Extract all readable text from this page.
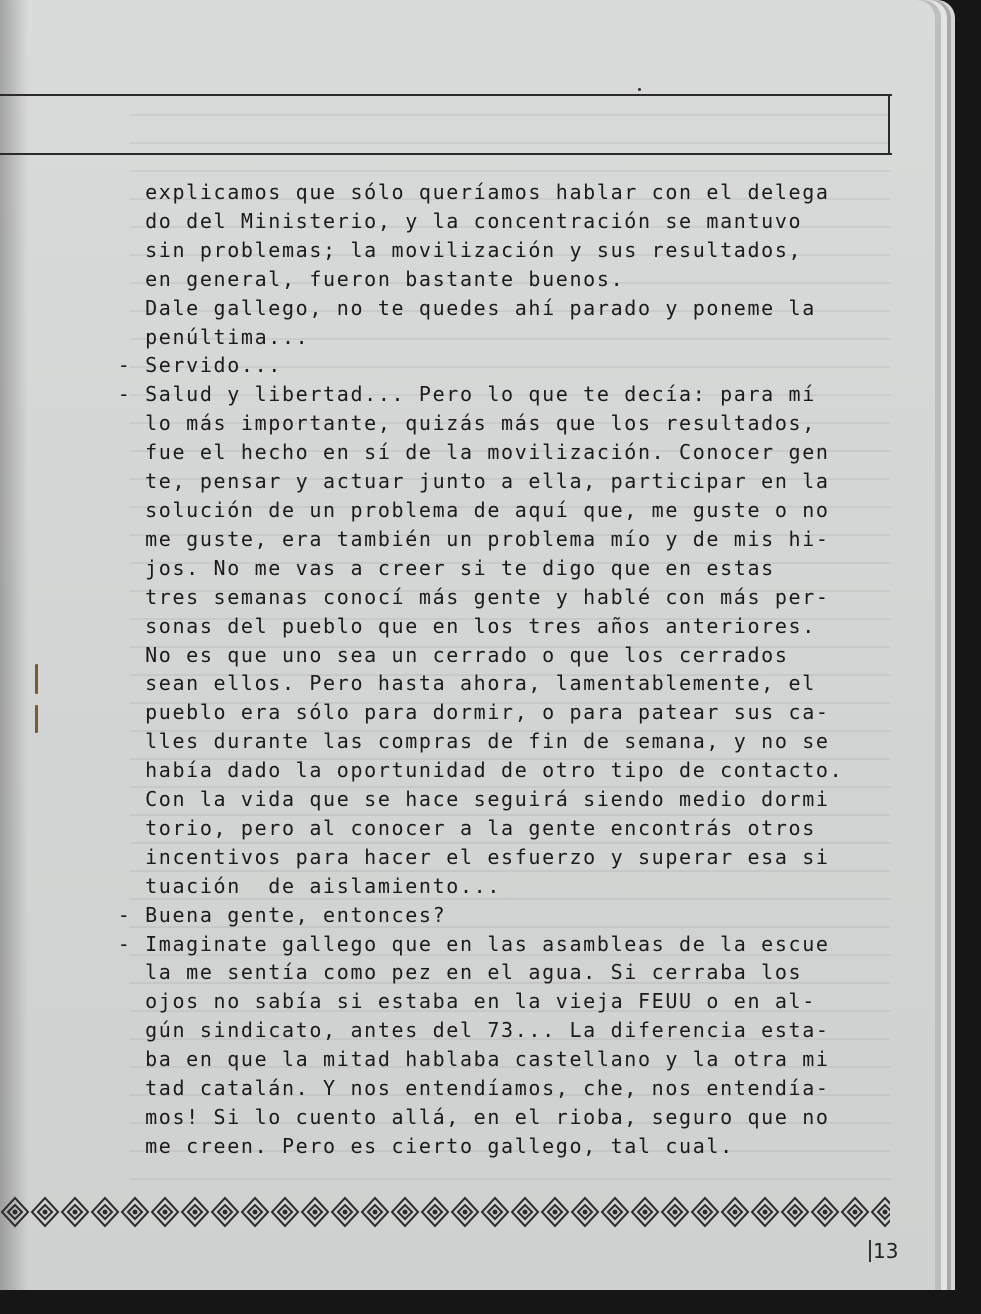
explicamos que sólo queríamos hablar con el delega
do del Ministerio, y la concentración se mantuvo
sin problemas; la movilización y sus resultados,
en general, fueron bastante buenos.
Dale gallego, no te quedes ahí parado y poneme la
penúltima...
- Servido...
- Salud y libertad... Pero lo que te decía: para mí
lo más importante, quizás más que los resultados,
fue el hecho en sí de la movilización. Conocer gen
te, pensar y actuar junto a ella, participar en la
solución de un problema de aquí que, me guste o no
me guste, era también un problema mío y de mis hi-
jos. No me vas a creer si te digo que en estas
tres semanas conocí más gente y hablé con más per-
sonas del pueblo que en los tres años anteriores.
No es que uno sea un cerrado o que los cerrados
sean ellos. Pero hasta ahora, lamentablemente, el
pueblo era sólo para dormir, o para patear sus ca-
lles durante las compras de fin de semana, y no se
había dado la oportunidad de otro tipo de contacto.
Con la vida que se hace seguirá siendo medio dormi
torio, pero al conocer a la gente encontrás otros
incentivos para hacer el esfuerzo y superar esa si
tuación  de aislamiento...
- Buena gente, entonces?
- Imaginate gallego que en las asambleas de la escue
la me sentía como pez en el agua. Si cerraba los
ojos no sabía si estaba en la vieja FEUU o en al-
gún sindicato, antes del 73... La diferencia esta-
ba en que la mitad hablaba castellano y la otra mi
tad catalán. Y nos entendíamos, che, nos entendía-
mos! Si lo cuento allá, en el rioba, seguro que no
me creen. Pero es cierto gallego, tal cual.
13
